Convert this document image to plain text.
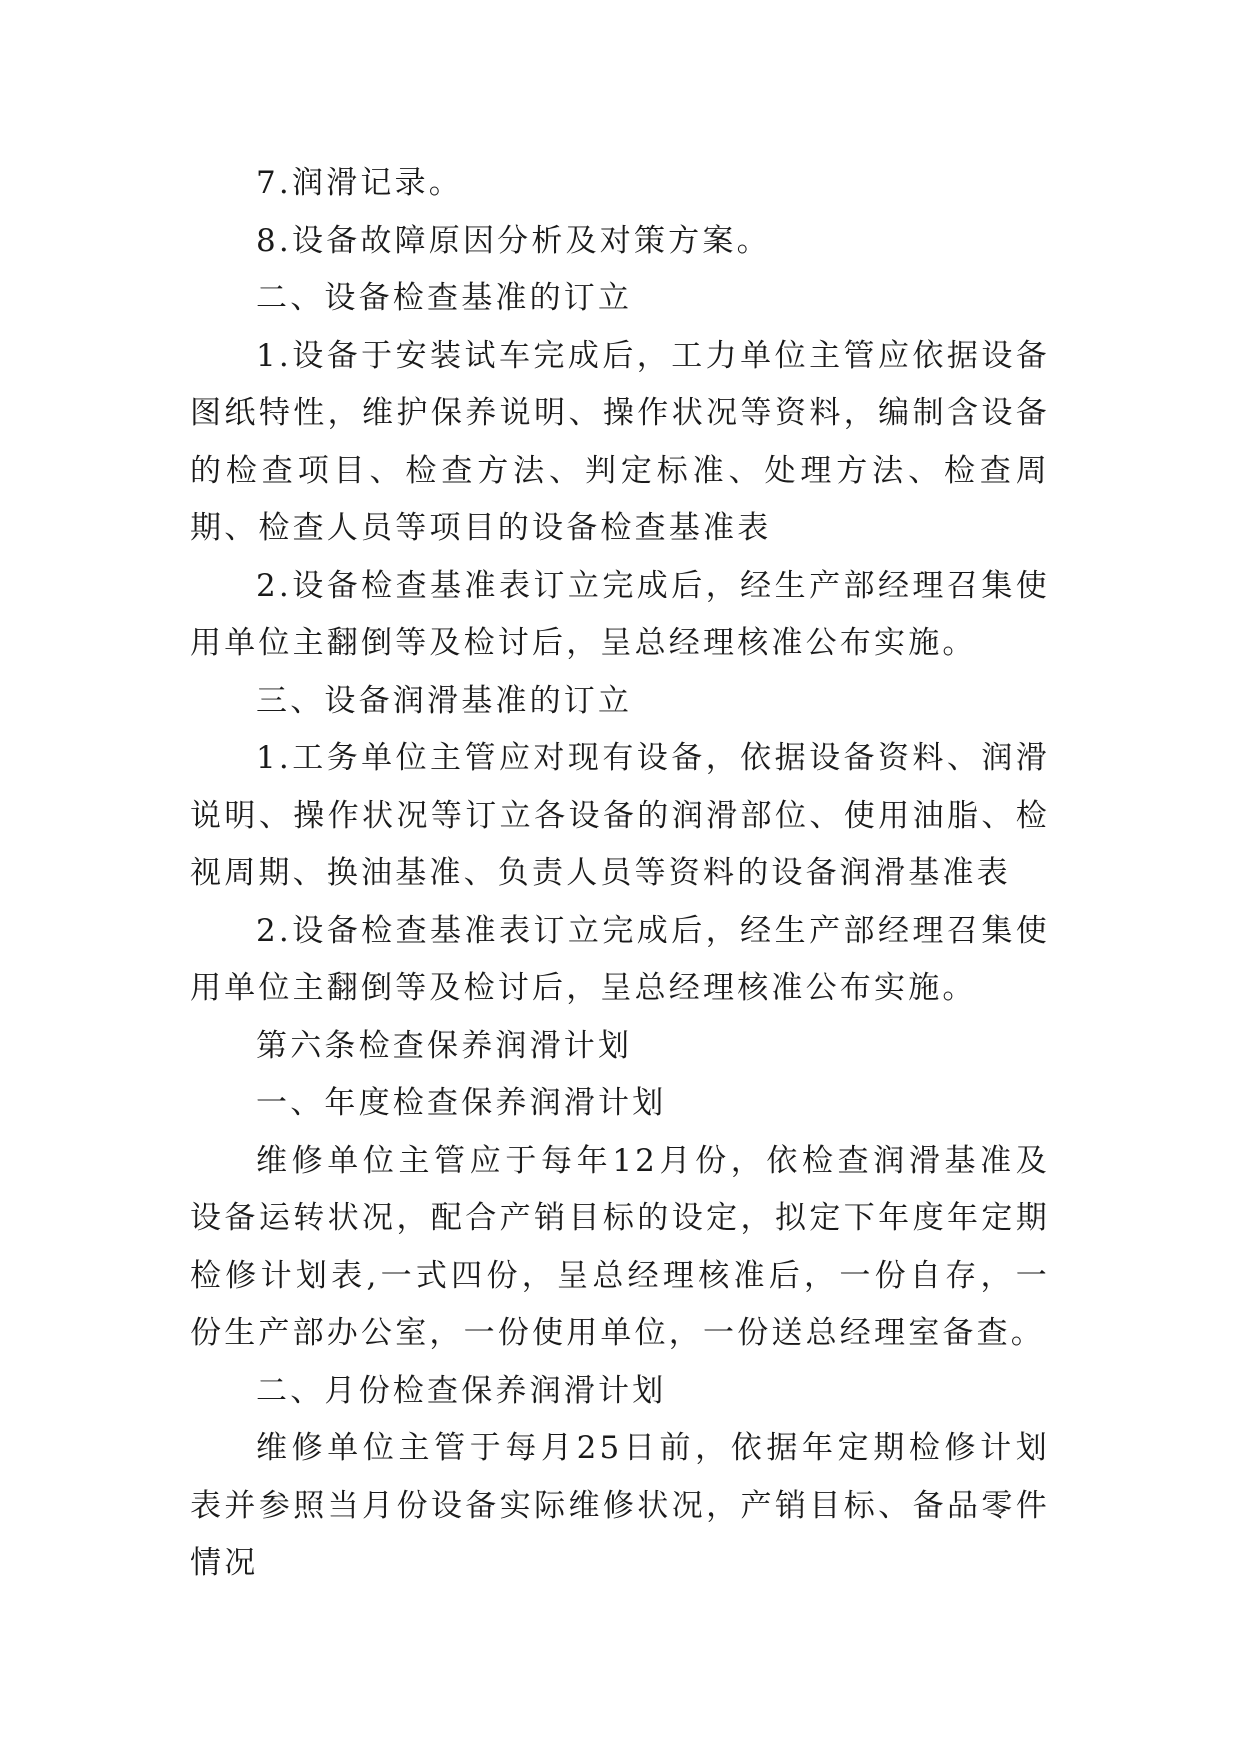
7.润滑记录。

8.设备故障原因分析及对策方案。

二、设备检查基准的订立

1.设备于安装试车完成后，工力单位主管应依据设备图纸特性，维护保养说明、操作状况等资料，编制含设备的检查项目、检查方法、判定标准、处理方法、检查周期、检查人员等项目的设备检查基准表

2.设备检查基准表订立完成后，经生产部经理召集使用单位主翻倒等及检讨后，呈总经理核准公布实施。

三、设备润滑基准的订立

1.工务单位主管应对现有设备，依据设备资料、润滑说明、操作状况等订立各设备的润滑部位、使用油脂、检视周期、换油基准、负责人员等资料的设备润滑基准表

2.设备检查基准表订立完成后，经生产部经理召集使用单位主翻倒等及检讨后，呈总经理核准公布实施。

第六条检查保养润滑计划

一、年度检查保养润滑计划

维修单位主管应于每年12月份，依检查润滑基准及设备运转状况，配合产销目标的设定，拟定下年度年定期检修计划表,一式四份，呈总经理核准后，一份自存，一份生产部办公室，一份使用单位，一份送总经理室备查。

二、月份检查保养润滑计划

维修单位主管于每月25日前，依据年定期检修计划表并参照当月份设备实际维修状况，产销目标、备品零件情况
